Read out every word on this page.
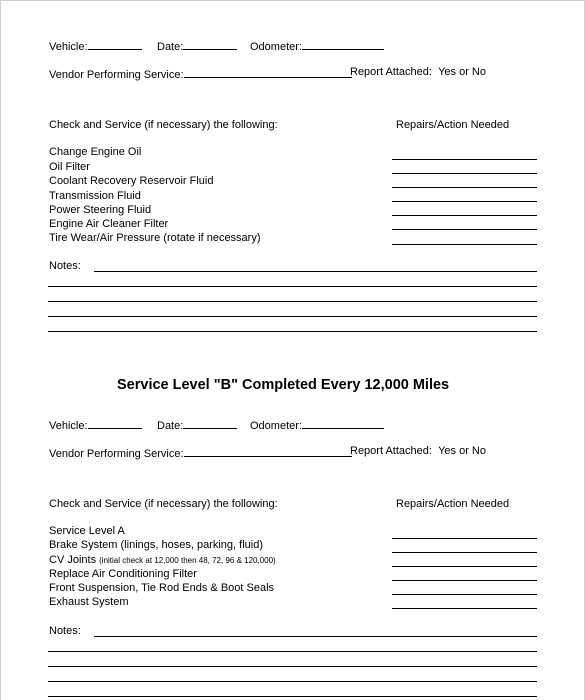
Vehicle:	Date:	Odometer:
Vendor Performing Service:	Report Attached: Yes or No
Check and Service (if necessary) the following:	Repairs/Action Needed
Change Engine Oil
Oil Filter
Coolant Recovery Reservoir Fluid
Transmission Fluid
Power Steering Fluid
Engine Air Cleaner Filter
Tire Wear/Air Pressure (rotate if necessary)
Notes:
Service Level "B" Completed Every 12,000 Miles
Vehicle:	Date:	Odometer:
Vendor Performing Service:	Report Attached: Yes or No
Check and Service (if necessary) the following:	Repairs/Action Needed
Service Level A
Brake System (linings, hoses, parking, fluid)
CV Joints (initial check at 12,000 then 48, 72, 96 & 120,000)
Replace Air Conditioning Filter
Front Suspension, Tie Rod Ends & Boot Seals
Exhaust System
Notes:
